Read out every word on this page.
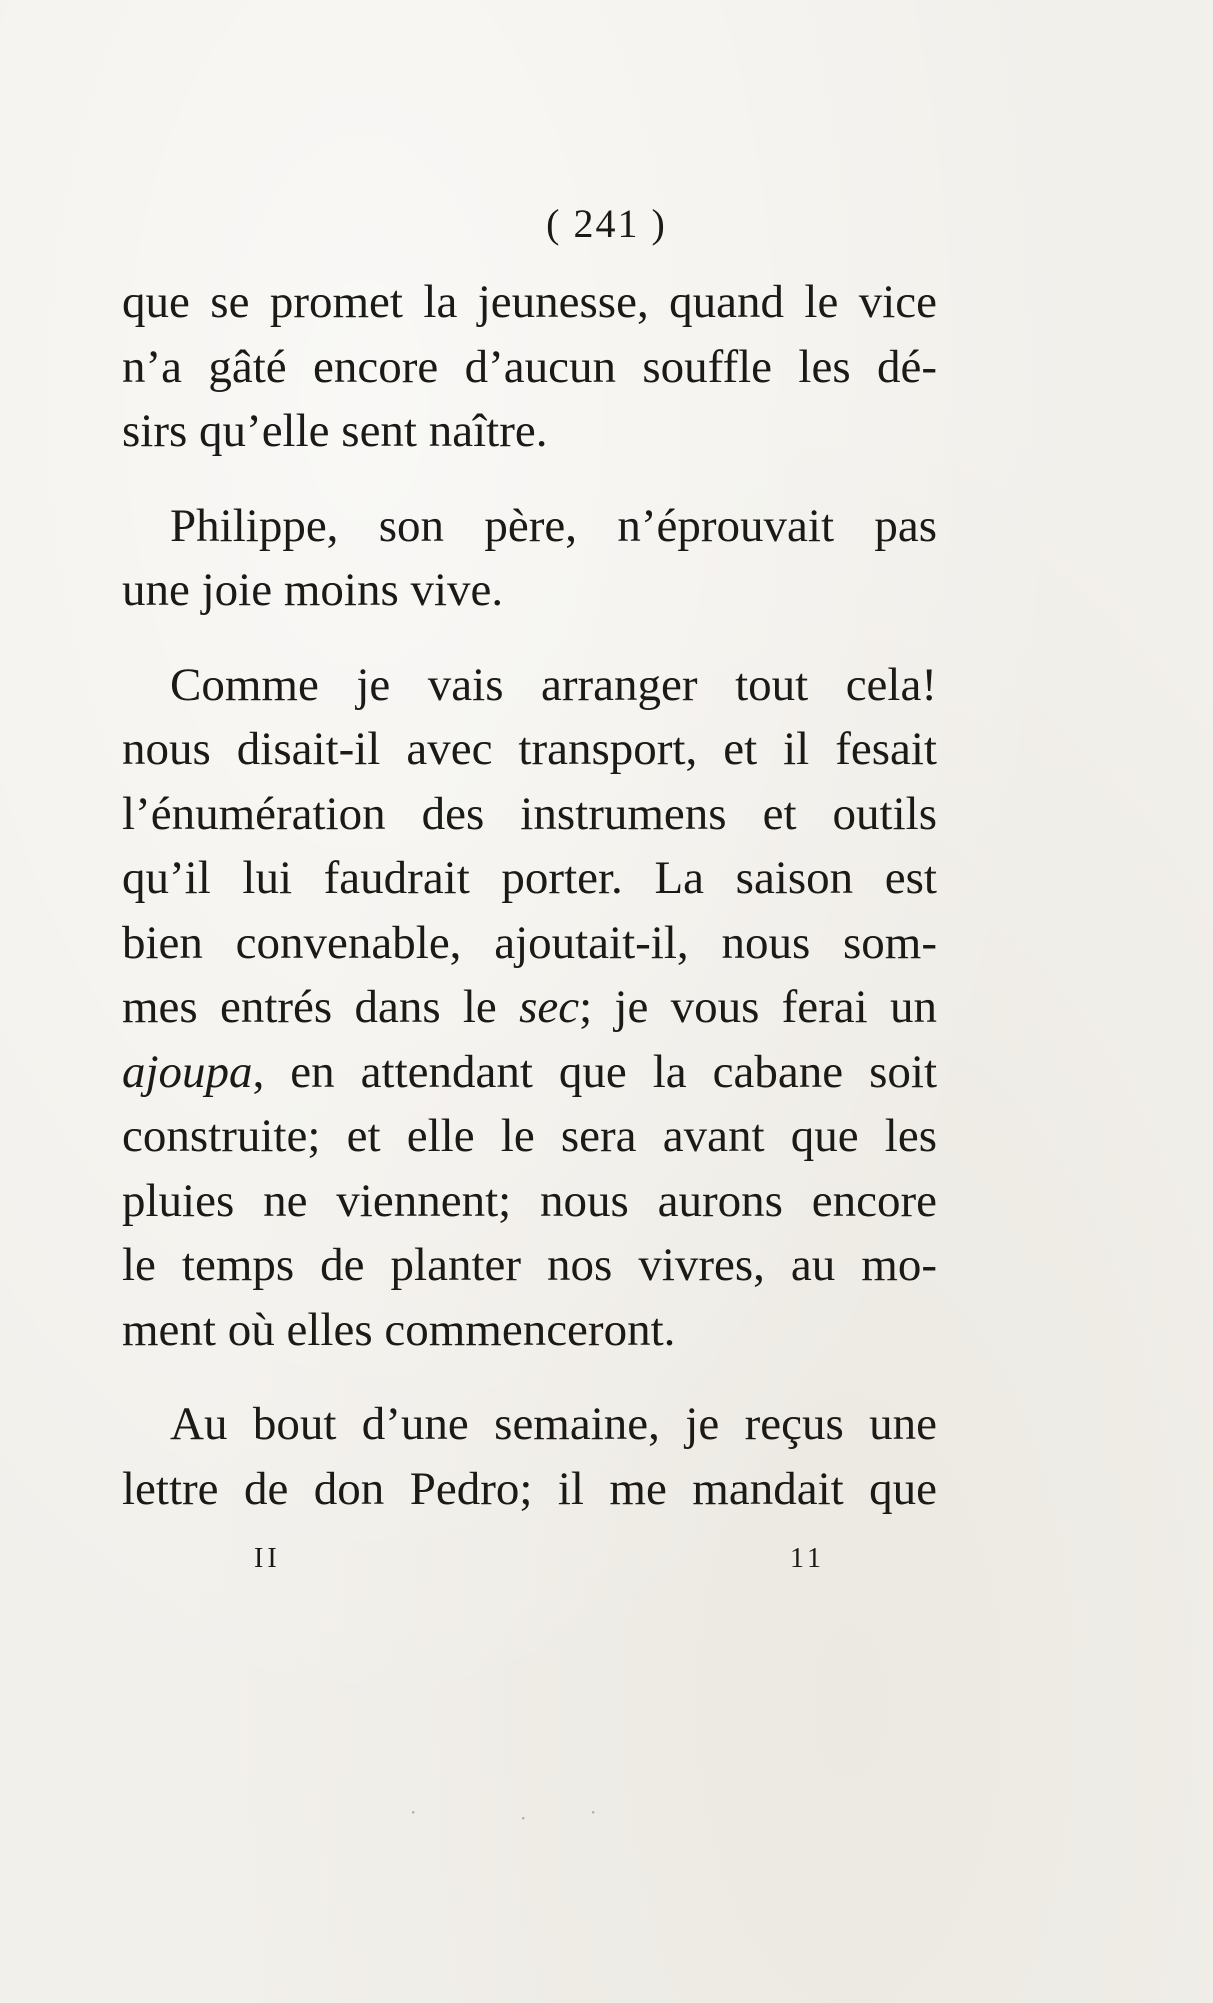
( 241 )
que se promet la jeunesse, quand le vice
n’a gâté encore d’aucun souffle les dé-
sirs qu’elle sent naître.
Philippe, son père, n’éprouvait pas
une joie moins vive.
Comme je vais arranger tout cela!
nous disait-il avec transport, et il fesait
l’énumération des instrumens et outils
qu’il lui faudrait porter. La saison est
bien convenable, ajoutait-il, nous som-
mes entrés dans le sec; je vous ferai un
ajoupa, en attendant que la cabane soit
construite; et elle le sera avant que les
pluies ne viennent; nous aurons encore
le temps de planter nos vivres, au mo-
ment où elles commenceront.
Au bout d’une semaine, je reçus une
lettre de don Pedro; il me mandait que
II	11
·	·	·
